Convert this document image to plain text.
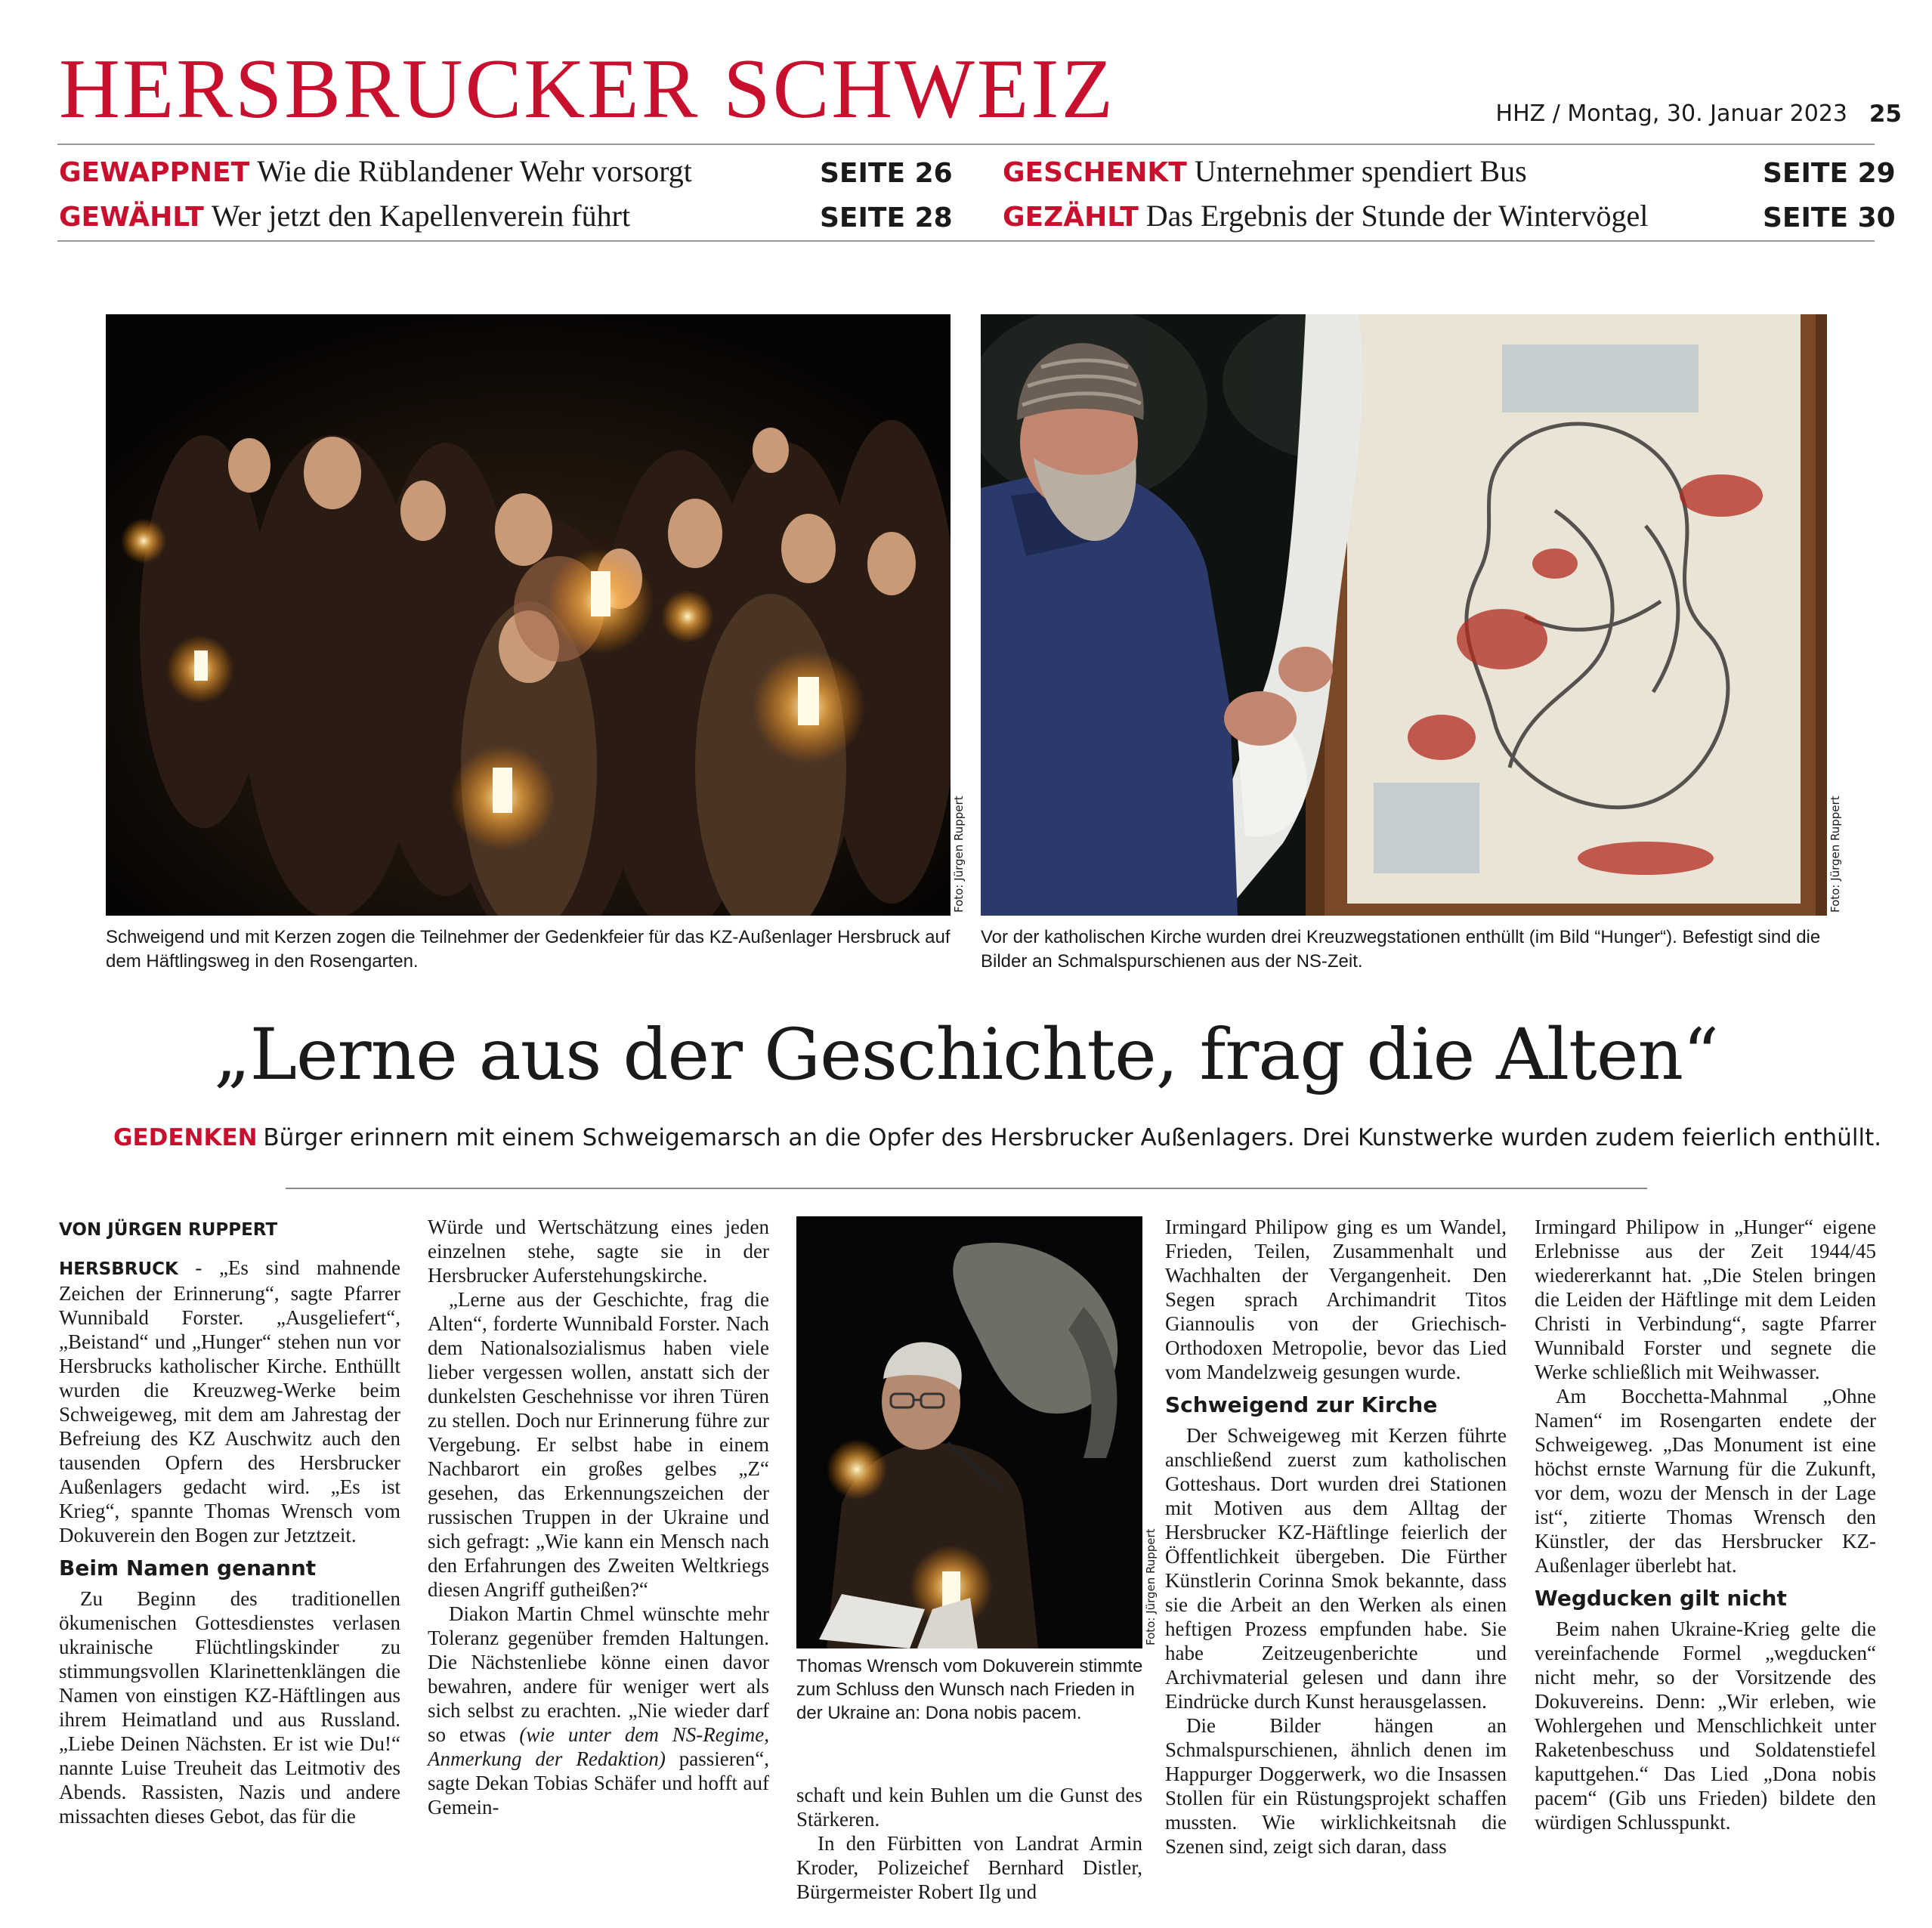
HERSBRUCKER SCHWEIZ	HHZ / Montag, 30. Januar 2023 25
GEWAPPNET Wie die Rüblandener Wehr vorsorgt	SEITE 26
GEWÄHLT Wer jetzt den Kapellenverein führt	SEITE 28
GESCHENKT Unternehmer spendiert Bus	SEITE 29
GEZÄHLT Das Ergebnis der Stunde der Wintervögel	SEITE 30
Foto: Jürgen Ruppert
Schweigend und mit Kerzen zogen die Teilnehmer der Gedenkfeier für das KZ-Außenlager Hersbruck auf dem Häftlingsweg in den Rosengarten.
Foto: Jürgen Ruppert
Vor der katholischen Kirche wurden drei Kreuzwegstationen enthüllt (im Bild “Hunger“). Befestigt sind die Bilder an Schmalspurschienen aus der NS-Zeit.
„Lerne aus der Geschichte, frag die Alten“
GEDENKEN Bürger erinnern mit einem Schweigemarsch an die Opfer des Hersbrucker Außenlagers. Drei Kunstwerke wurden zudem feierlich enthüllt.

VON JÜRGEN RUPPERT

HERSBRUCK - „Es sind mahnende Zeichen der Erinnerung“, sagte Pfarrer Wunnibald Forster. „Ausgeliefert“, „Beistand“ und „Hunger“ stehen nun vor Hersbrucks katholischer Kirche. Enthüllt wurden die Kreuzweg-Werke beim Schweigeweg, mit dem am Jahrestag der Befreiung des KZ Auschwitz auch den tausenden Opfern des Hersbrucker Außenlagers gedacht wird. „Es ist Krieg“, spannte Thomas Wrensch vom Dokuverein den Bogen zur Jetztzeit.

Beim Namen genannt

Zu Beginn des traditionellen ökumenischen Gottesdienstes verlasen ukrainische Flüchtlingskinder zu stimmungsvollen Klarinettenklängen die Namen von einstigen KZ-Häftlingen aus ihrem Heimatland und aus Russland. „Liebe Deinen Nächsten. Er ist wie Du!“ nannte Luise Treuheit das Leitmotiv des Abends. Rassisten, Nazis und andere missachten dieses Gebot, das für die

Würde und Wertschätzung eines jeden einzelnen stehe, sagte sie in der Hersbrucker Auferstehungskirche.

„Lerne aus der Geschichte, frag die Alten“, forderte Wunnibald Forster. Nach dem Nationalsozialismus haben viele lieber vergessen wollen, anstatt sich der dunkelsten Geschehnisse vor ihren Türen zu stellen. Doch nur Erinnerung führe zur Vergebung. Er selbst habe in einem Nachbarort ein großes gelbes „Z“ gesehen, das Erkennungszeichen der russischen Truppen in der Ukraine und sich gefragt: „Wie kann ein Mensch nach den Erfahrungen des Zweiten Weltkriegs diesen Angriff gutheißen?“

Diakon Martin Chmel wünschte mehr Toleranz gegenüber fremden Haltungen. Die Nächstenliebe könne einen davor bewahren, andere für weniger wert als sich selbst zu erachten. „Nie wieder darf so etwas (wie unter dem NS-Regime, Anmerkung der Redaktion) passieren“, sagte Dekan Tobias Schäfer und hofft auf Gemein-

Foto: Jürgen Ruppert
Thomas Wrensch vom Dokuverein stimmte zum Schluss den Wunsch nach Frieden in der Ukraine an: Dona nobis pacem.

schaft und kein Buhlen um die Gunst des Stärkeren.

In den Fürbitten von Landrat Armin Kroder, Polizeichef Bernhard Distler, Bürgermeister Robert Ilg und

Irmingard Philipow ging es um Wandel, Frieden, Teilen, Zusammenhalt und Wachhalten der Vergangenheit. Den Segen sprach Archimandrit Titos Giannoulis von der Griechisch-Orthodoxen Metropolie, bevor das Lied vom Mandelzweig gesungen wurde.

Schweigend zur Kirche

Der Schweigeweg mit Kerzen führte anschließend zuerst zum katholischen Gotteshaus. Dort wurden drei Stationen mit Motiven aus dem Alltag der Hersbrucker KZ-Häftlinge feierlich der Öffentlichkeit übergeben. Die Fürther Künstlerin Corinna Smok bekannte, dass sie die Arbeit an den Werken als einen heftigen Prozess empfunden habe. Sie habe Zeitzeugenberichte und Archivmaterial gelesen und dann ihre Eindrücke durch Kunst herausgelassen.

Die Bilder hängen an Schmalspurschienen, ähnlich denen im Happurger Doggerwerk, wo die Insassen Stollen für ein Rüstungsprojekt schaffen mussten. Wie wirklichkeitsnah die Szenen sind, zeigt sich daran, dass

Irmingard Philipow in „Hunger“ eigene Erlebnisse aus der Zeit 1944/45 wiedererkannt hat. „Die Stelen bringen die Leiden der Häftlinge mit dem Leiden Christi in Verbindung“, sagte Pfarrer Wunnibald Forster und segnete die Werke schließlich mit Weihwasser.

Am Bocchetta-Mahnmal „Ohne Namen“ im Rosengarten endete der Schweigeweg. „Das Monument ist eine höchst ernste Warnung für die Zukunft, vor dem, wozu der Mensch in der Lage ist“, zitierte Thomas Wrensch den Künstler, der das Hersbrucker KZ-Außenlager überlebt hat.

Wegducken gilt nicht

Beim nahen Ukraine-Krieg gelte die vereinfachende Formel „wegducken“ nicht mehr, so der Vorsitzende des Dokuvereins. Denn: „Wir erleben, wie Wohlergehen und Menschlichkeit unter Raketenbeschuss und Soldatenstiefel kaputtgehen.“ Das Lied „Dona nobis pacem“ (Gib uns Frieden) bildete den würdigen Schlusspunkt.
